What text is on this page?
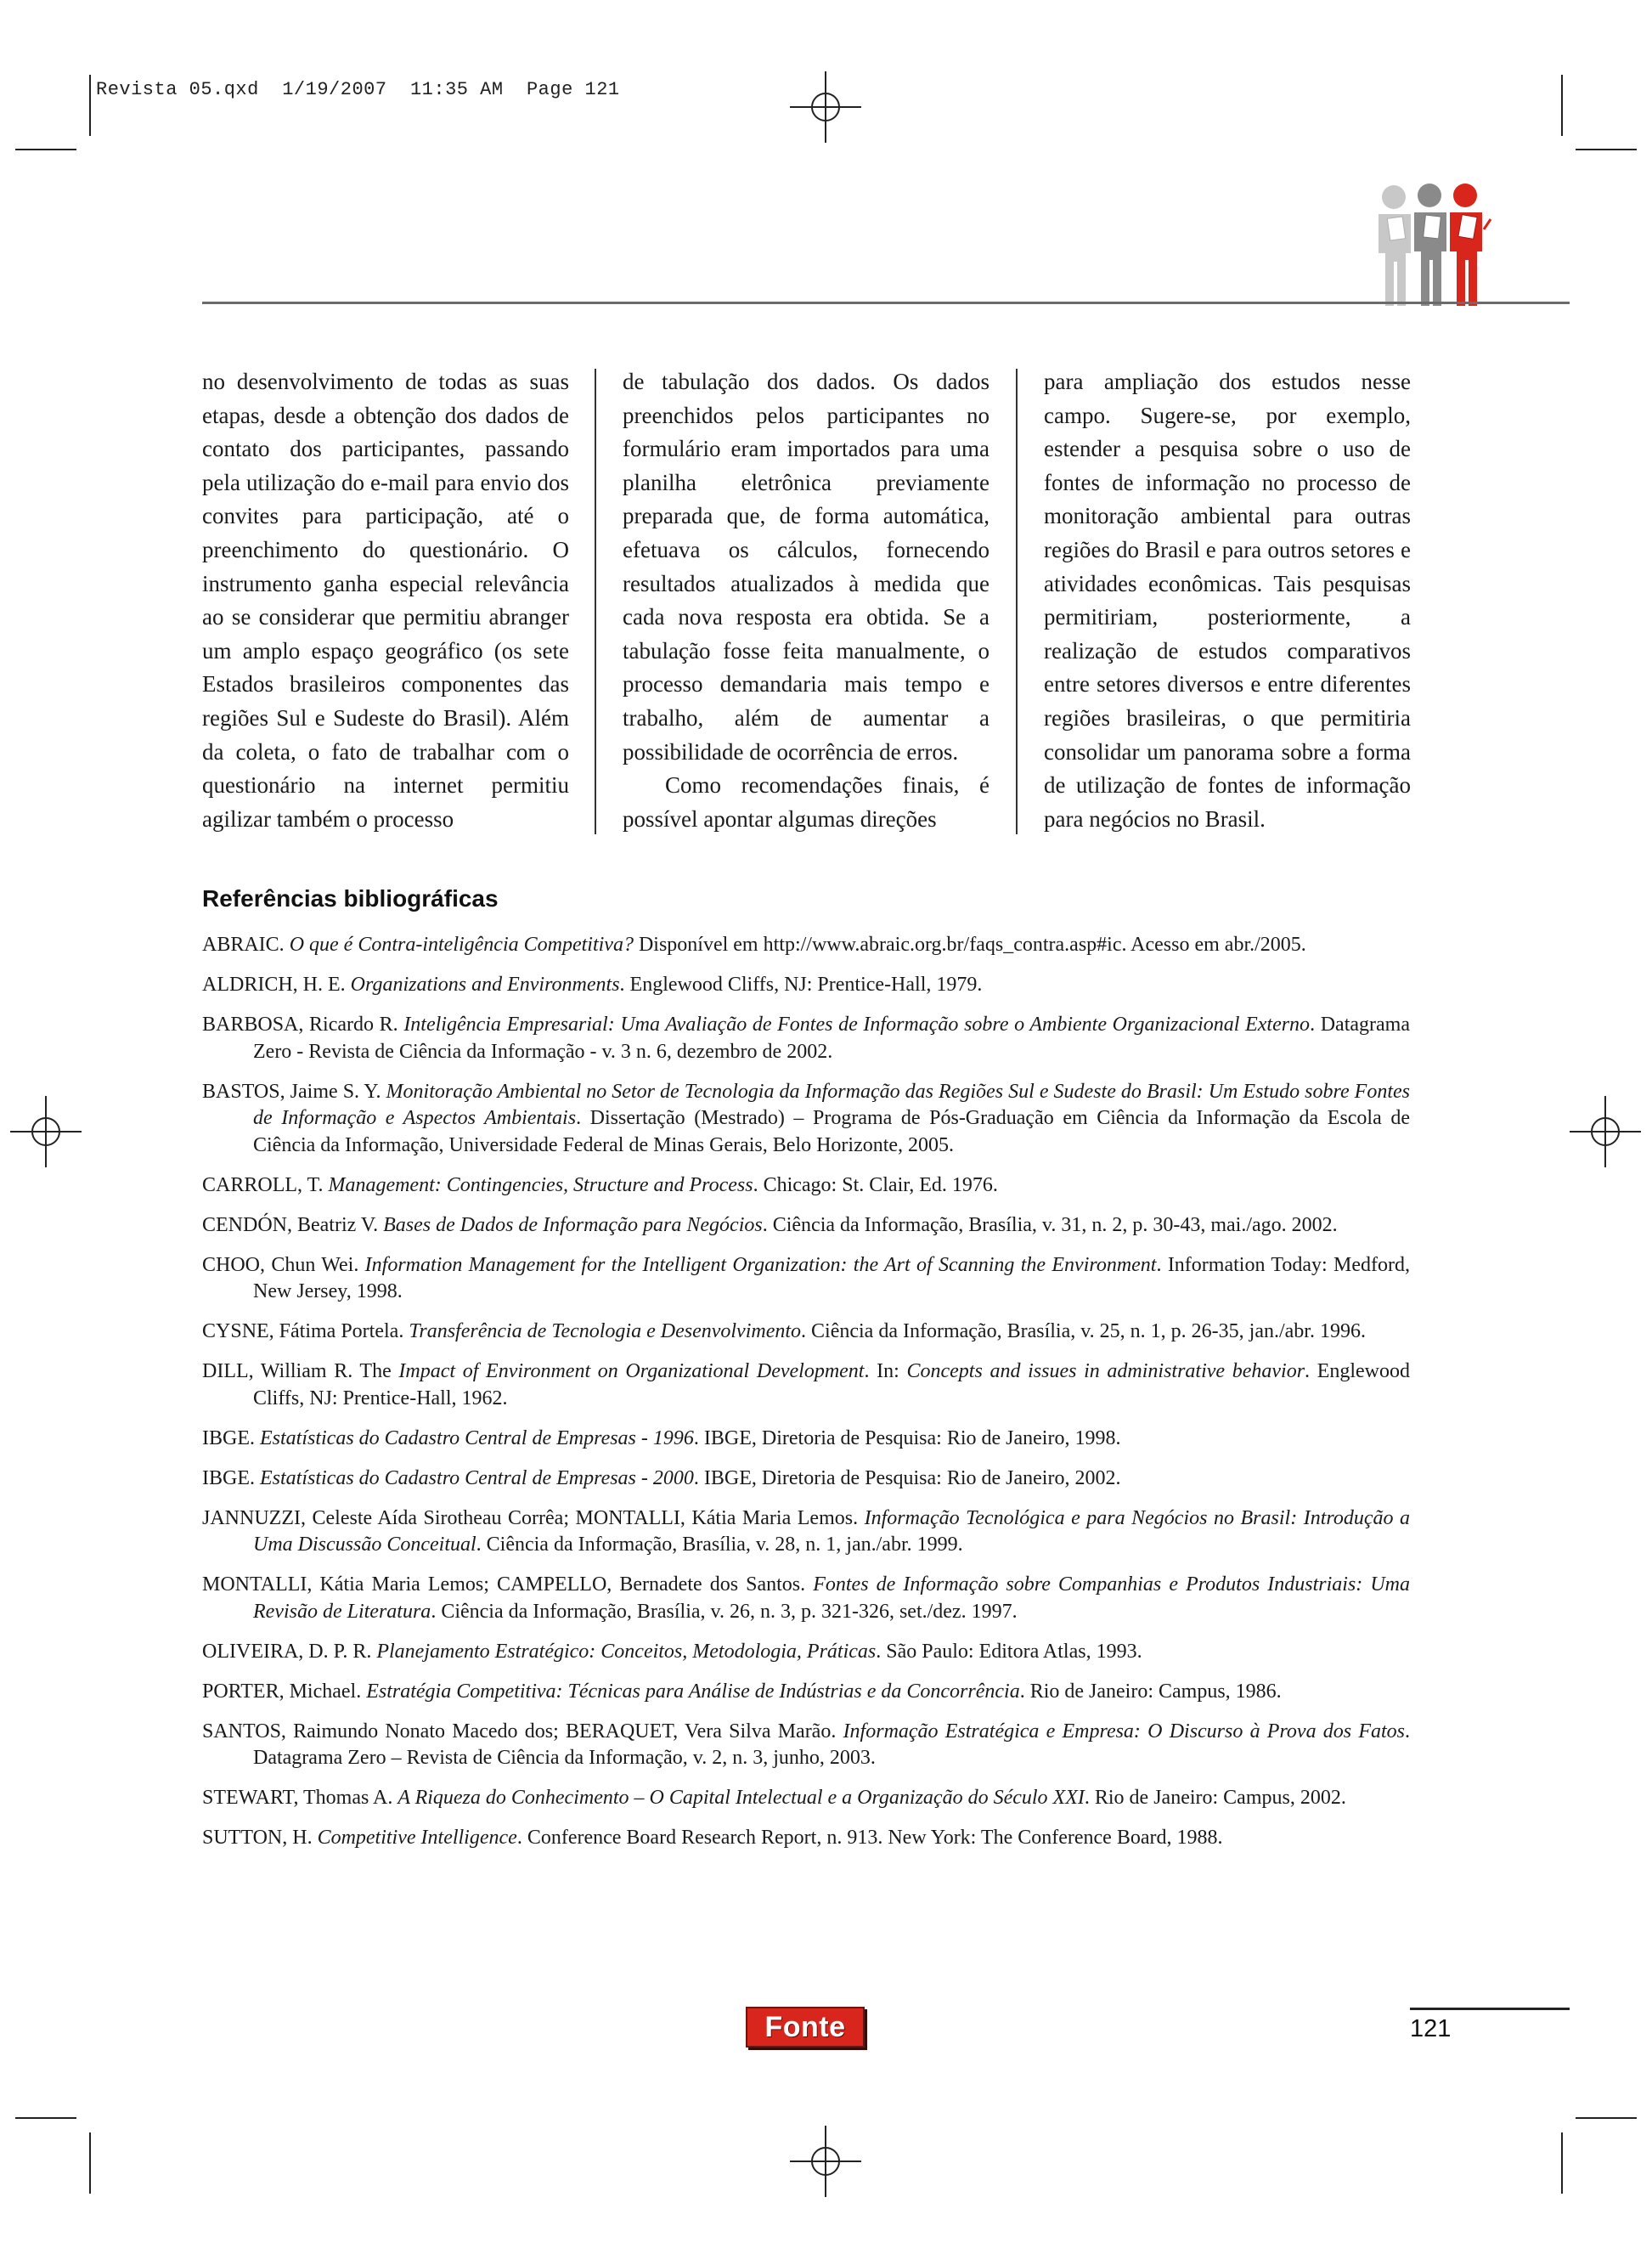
Revista 05.qxd  1/19/2007  11:35 AM  Page 121

no desenvolvimento de todas as suas etapas, desde a obtenção dos dados de contato dos participantes, passando pela utilização do e-mail para envio dos convites para participação, até o preenchimento do questionário. O instrumento ganha especial relevância ao se considerar que permitiu abranger um amplo espaço geográfico (os sete Estados brasileiros componentes das regiões Sul e Sudeste do Brasil). Além da coleta, o fato de trabalhar com o questionário na internet permitiu agilizar também o processo

de tabulação dos dados. Os dados preenchidos pelos participantes no formulário eram importados para uma planilha eletrônica previamente preparada que, de forma automática, efetuava os cálculos, fornecendo resultados atualizados à medida que cada nova resposta era obtida. Se a tabulação fosse feita manualmente, o processo demandaria mais tempo e trabalho, além de aumentar a possibilidade de ocorrência de erros.

Como recomendações finais, é possível apontar algumas direções

para ampliação dos estudos nesse campo. Sugere-se, por exemplo, estender a pesquisa sobre o uso de fontes de informação no processo de monitoração ambiental para outras regiões do Brasil e para outros setores e atividades econômicas. Tais pesquisas permitiriam, posteriormente, a realização de estudos comparativos entre setores diversos e entre diferentes regiões brasileiras, o que permitiria consolidar um panorama sobre a forma de utilização de fontes de informação para negócios no Brasil.

Referências bibliográficas
ABRAIC. O que é Contra-inteligência Competitiva? Disponível em http://www.abraic.org.br/faqs_contra.asp#ic. Acesso em abr./2005.
ALDRICH, H. E. Organizations and Environments. Englewood Cliffs, NJ: Prentice-Hall, 1979.
BARBOSA, Ricardo R. Inteligência Empresarial: Uma Avaliação de Fontes de Informação sobre o Ambiente Organizacional Externo. Datagrama Zero - Revista de Ciência da Informação - v. 3 n. 6, dezembro de 2002.
BASTOS, Jaime S. Y. Monitoração Ambiental no Setor de Tecnologia da Informação das Regiões Sul e Sudeste do Brasil: Um Estudo sobre Fontes de Informação e Aspectos Ambientais. Dissertação (Mestrado) – Programa de Pós-Graduação em Ciência da Informação da Escola de Ciência da Informação, Universidade Federal de Minas Gerais, Belo Horizonte, 2005.
CARROLL, T. Management: Contingencies, Structure and Process. Chicago: St. Clair, Ed. 1976.
CENDÓN, Beatriz V. Bases de Dados de Informação para Negócios. Ciência da Informação, Brasília, v. 31, n. 2, p. 30-43, mai./ago. 2002.
CHOO, Chun Wei. Information Management for the Intelligent Organization: the Art of Scanning the Environment. Information Today: Medford, New Jersey, 1998.
CYSNE, Fátima Portela. Transferência de Tecnologia e Desenvolvimento. Ciência da Informação, Brasília, v. 25, n. 1, p. 26-35, jan./abr. 1996.
DILL, William R. The Impact of Environment on Organizational Development. In: Concepts and issues in administrative behavior. Englewood Cliffs, NJ: Prentice-Hall, 1962.
IBGE. Estatísticas do Cadastro Central de Empresas - 1996. IBGE, Diretoria de Pesquisa: Rio de Janeiro, 1998.
IBGE. Estatísticas do Cadastro Central de Empresas - 2000. IBGE, Diretoria de Pesquisa: Rio de Janeiro, 2002.
JANNUZZI, Celeste Aída Sirotheau Corrêa; MONTALLI, Kátia Maria Lemos. Informação Tecnológica e para Negócios no Brasil: Introdução a Uma Discussão Conceitual. Ciência da Informação, Brasília, v. 28, n. 1, jan./abr. 1999.
MONTALLI, Kátia Maria Lemos; CAMPELLO, Bernadete dos Santos. Fontes de Informação sobre Companhias e Produtos Industriais: Uma Revisão de Literatura. Ciência da Informação, Brasília, v. 26, n. 3, p. 321-326, set./dez. 1997.
OLIVEIRA, D. P. R. Planejamento Estratégico: Conceitos, Metodologia, Práticas. São Paulo: Editora Atlas, 1993.
PORTER, Michael. Estratégia Competitiva: Técnicas para Análise de Indústrias e da Concorrência. Rio de Janeiro: Campus, 1986.
SANTOS, Raimundo Nonato Macedo dos; BERAQUET, Vera Silva Marão. Informação Estratégica e Empresa: O Discurso à Prova dos Fatos. Datagrama Zero – Revista de Ciência da Informação, v. 2, n. 3, junho, 2003.
STEWART, Thomas A. A Riqueza do Conhecimento – O Capital Intelectual e a Organização do Século XXI. Rio de Janeiro: Campus, 2002.
SUTTON, H. Competitive Intelligence. Conference Board Research Report, n. 913. New York: The Conference Board, 1988.
Fonte	121
